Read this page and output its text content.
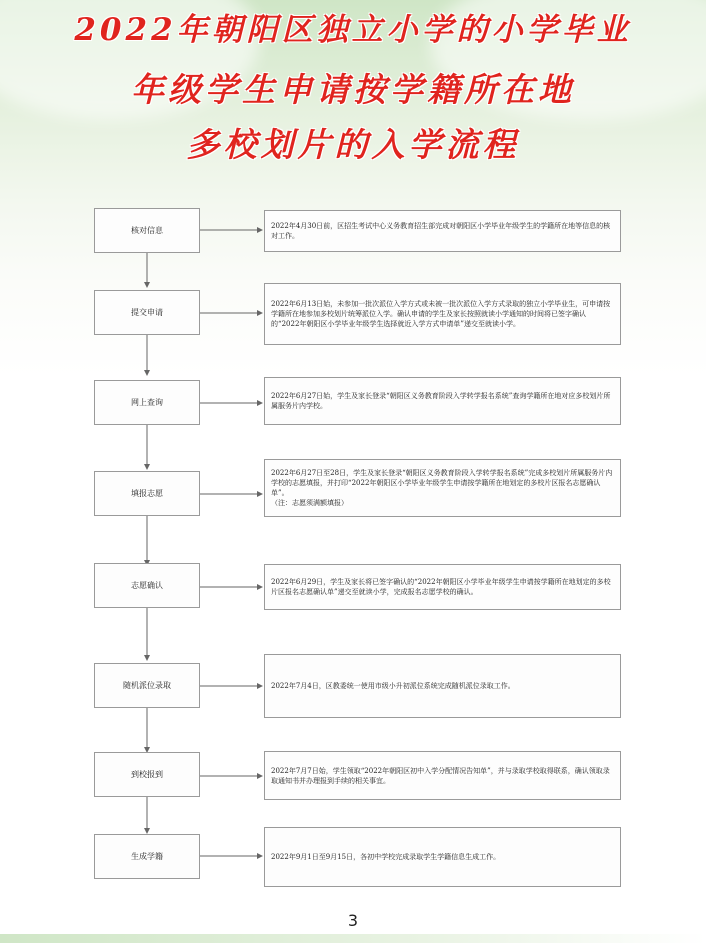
2022年朝阳区独立小学的小学毕业
年级学生申请按学籍所在地
多校划片的入学流程
核对信息
提交申请
网上查询
填报志愿
志愿确认
随机派位录取
到校报到
生成学籍
2022年4月30日前，区招生考试中心义务教育招生部完成对朝阳区小学毕业年级学生的学籍所在地等信息的核对工作。
2022年6月13日始，未参加一批次派位入学方式或未被一批次派位入学方式录取的独立小学毕业生，可申请按学籍所在地参加多校划片统筹派位入学。确认申请的学生及家长按照就读小学通知的时间将已签字确认的“2022年朝阳区小学毕业年级学生选择就近入学方式申请单”递交至就读小学。
2022年6月27日始，学生及家长登录“朝阳区义务教育阶段入学转学报名系统”查询学籍所在地对应多校划片所属服务片内学校。
2022年6月27日至28日，学生及家长登录“朝阳区义务教育阶段入学转学报名系统”完成多校划片所属服务片内学校的志愿填报，并打印“2022年朝阳区小学毕业年级学生申请按学籍所在地划定的多校片区报名志愿确认单”。
（注：志愿须满额填报）
2022年6月29日，学生及家长将已签字确认的“2022年朝阳区小学毕业年级学生申请按学籍所在地划定的多校片区报名志愿确认单”递交至就读小学，完成报名志愿学校的确认。
2022年7月4日，区教委统一使用市级小升初派位系统完成随机派位录取工作。
2022年7月7日始，学生领取“2022年朝阳区初中入学分配情况告知单”，并与录取学校取得联系，确认领取录取通知书并办理报到手续的相关事宜。
2022年9月1日至9月15日，各初中学校完成录取学生学籍信息生成工作。
3
